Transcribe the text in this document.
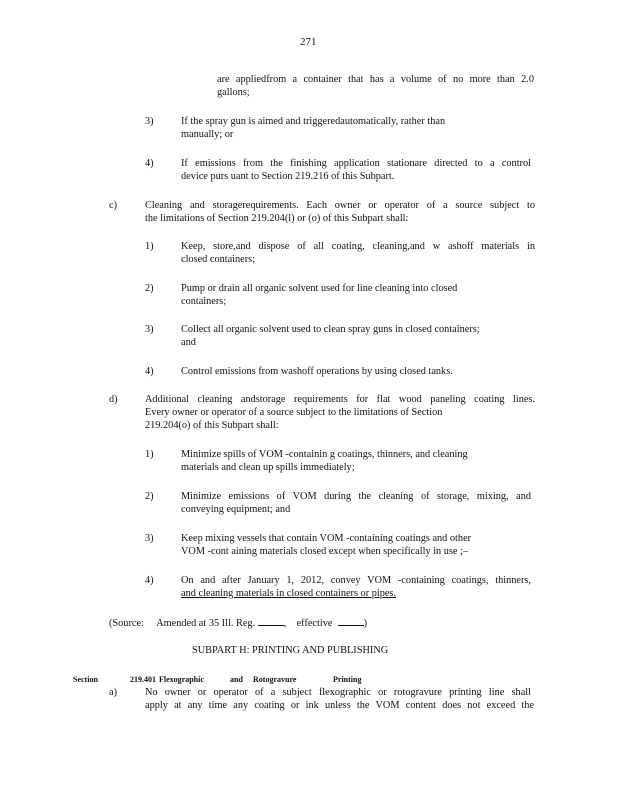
271
are appliedfrom a container that has a volume of no more than 2.0
gallons;
3)	If the spray gun is aimed and triggeredautomatically, rather than
manually; or
4)	If emissions from the finishing application stationare directed to a control
device purs uant to Section 219.216 of this Subpart.
c)	Cleaning and storagerequirements. Each owner or operator of a source subject to
the limitations of Section 219.204(l) or (o) of this Subpart shall:
1)	Keep, store,and dispose of all coating, cleaning,and w ashoff materials in
closed containers;
2)	Pump or drain all organic solvent used for line cleaning into closed
containers;
3)	Collect all organic solvent used to clean spray guns in closed containers;
and
4)	Control emissions from washoff operations by using closed tanks.
d)	Additional cleaning andstorage requirements for flat wood paneling coating lines.
Every owner or operator of a source subject to the limitations of Section
219.204(o) of this Subpart shall:
1)	Minimize spills of VOM -containin g coatings, thinners, and cleaning
materials and clean up spills immediately;
2)	Minimize emissions of VOM during the cleaning of storage, mixing, and
conveying equipment; and
3)	Keep mixing vessels that contain VOM -containing coatings and other
VOM -cont aining materials closed except when specifically in use ;–
4)	On and after January 1, 2012, convey VOM -containing coatings, thinners,
and cleaning materials in closed containers or pipes.
(Source: Amended at 35 Ill. Reg.	,    effective	)
SUBPART H: PRINTING AND PUBLISHING
Section	219.401 Flexographic	and Rotogravure	Printing
a)	No owner or operator of a subject flexographic or rotogravure printing line shall
apply at any time any coating or ink unless the VOM content does not exceed the
